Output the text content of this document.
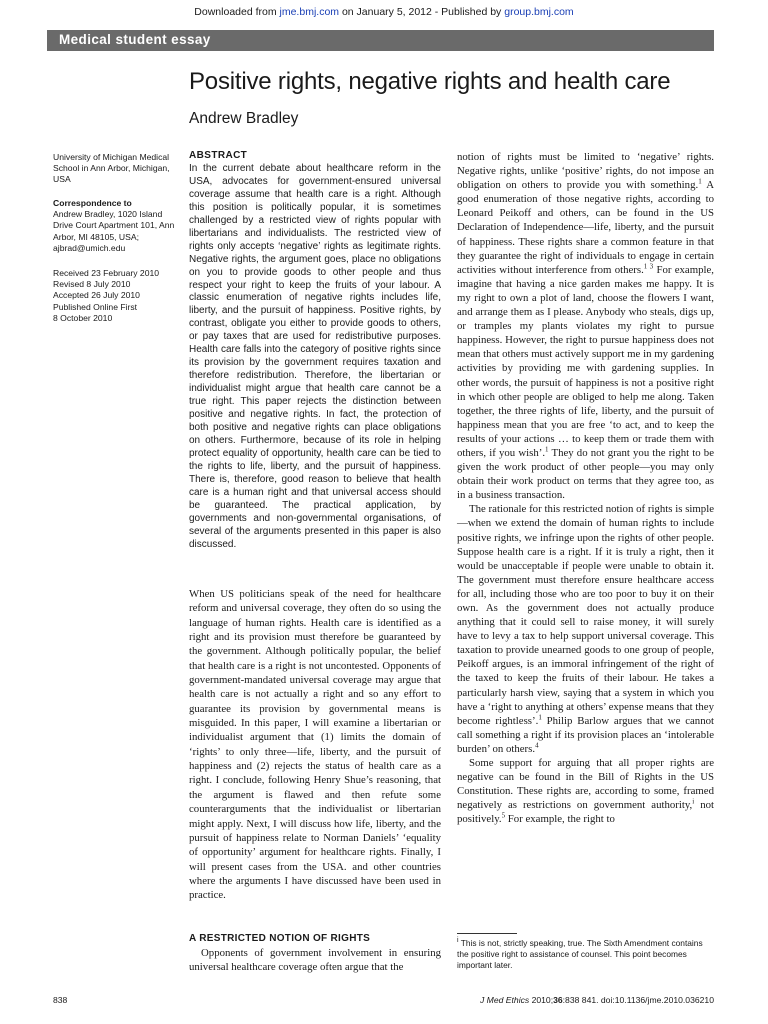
Downloaded from jme.bmj.com on January 5, 2012 - Published by group.bmj.com
Medical student essay
Positive rights, negative rights and health care
Andrew Bradley
University of Michigan Medical School in Ann Arbor, Michigan, USA
Correspondence to
Andrew Bradley, 1020 Island Drive Court Apartment 101, Ann Arbor, MI 48105, USA; ajbrad@umich.edu
Received 23 February 2010
Revised 8 July 2010
Accepted 26 July 2010
Published Online First
8 October 2010
ABSTRACT
In the current debate about healthcare reform in the USA, advocates for government-ensured universal coverage assume that health care is a right. Although this position is politically popular, it is sometimes challenged by a restricted view of rights popular with libertarians and individualists. The restricted view of rights only accepts ‘negative’ rights as legitimate rights. Negative rights, the argument goes, place no obligations on you to provide goods to other people and thus respect your right to keep the fruits of your labour. A classic enumeration of negative rights includes life, liberty, and the pursuit of happiness. Positive rights, by contrast, obligate you either to provide goods to others, or pay taxes that are used for redistributive purposes. Health care falls into the category of positive rights since its provision by the government requires taxation and therefore redistribution. Therefore, the libertarian or individualist might argue that health care cannot be a true right. This paper rejects the distinction between positive and negative rights. In fact, the protection of both positive and negative rights can place obligations on others. Furthermore, because of its role in helping protect equality of opportunity, health care can be tied to the rights to life, liberty, and the pursuit of happiness. There is, therefore, good reason to believe that health care is a human right and that universal access should be guaranteed. The practical application, by governments and non-governmental organisations, of several of the arguments presented in this paper is also discussed.

When US politicians speak of the need for healthcare reform and universal coverage, they often do so using the language of human rights. Health care is identified as a right and its provision must therefore be guaranteed by the government. Although politically popular, the belief that health care is a right is not uncontested. Opponents of government-mandated universal coverage may argue that health care is not actually a right and so any effort to guarantee its provision by governmental means is misguided. In this paper, I will examine a libertarian or individualist argument that (1) limits the domain of ‘rights’ to only three—life, liberty, and the pursuit of happiness and (2) rejects the status of health care as a right. I conclude, following Henry Shue’s reasoning, that the argument is flawed and then refute some counterarguments that the individualist or libertarian might apply. Next, I will discuss how life, liberty, and the pursuit of happiness relate to Norman Daniels’ ‘equality of opportunity’ argument for healthcare rights. Finally, I will present cases from the USA. and other countries where the arguments I have discussed have been used in practice.

A RESTRICTED NOTION OF RIGHTS
Opponents of government involvement in ensuring universal healthcare coverage often argue that the

notion of rights must be limited to ‘negative’ rights. Negative rights, unlike ‘positive’ rights, do not impose an obligation on others to provide you with something.$^1$ A good enumeration of those negative rights, according to Leonard Peikoff and others, can be found in the US Declaration of Independence—life, liberty, and the pursuit of happiness. These rights share a common feature in that they guarantee the right of individuals to engage in certain activities without interference from others.$^{1 3}$ For example, imagine that having a nice garden makes me happy. It is my right to own a plot of land, choose the flowers I want, and arrange them as I please. Anybody who steals, digs up, or tramples my plants violates my right to pursue happiness. However, the right to pursue happiness does not mean that others must actively support me in my gardening activities by providing me with gardening supplies. In other words, the pursuit of happiness is not a positive right in which other people are obliged to help me along. Taken together, the three rights of life, liberty, and the pursuit of happiness mean that you are free ‘to act, and to keep the results of your actions … to keep them or trade them with others, if you wish’.$^1$ They do not grant you the right to be given the work product of other people—you may only obtain their work product on terms that they agree too, as in a business transaction.

The rationale for this restricted notion of rights is simple—when we extend the domain of human rights to include positive rights, we infringe upon the rights of other people. Suppose health care is a right. If it is truly a right, then it would be unacceptable if people were unable to obtain it. The government must therefore ensure healthcare access for all, including those who are too poor to buy it on their own. As the government does not actually produce anything that it could sell to raise money, it will surely have to levy a tax to help support universal coverage. This taxation to provide unearned goods to one group of people, Peikoff argues, is an immoral infringement of the right of the taxed to keep the fruits of their labour. He takes a particularly harsh view, saying that a system in which you have a ‘right to anything at others’ expense means that they become rightless’.$^1$ Philip Barlow argues that we cannot call something a right if its provision places an ‘intolerable burden’ on others.$^4$

Some support for arguing that all proper rights are negative can be found in the Bill of Rights in the US Constitution. These rights are, according to some, framed negatively as restrictions on government authority,$^i$ not positively.$^5$ For example, the right to

$^i$ This is not, strictly speaking, true. The Sixth Amendment contains the positive right to assistance of counsel. This point becomes important later.
838	J Med Ethics 2010;36:838 841. doi:10.1136/jme.2010.036210
